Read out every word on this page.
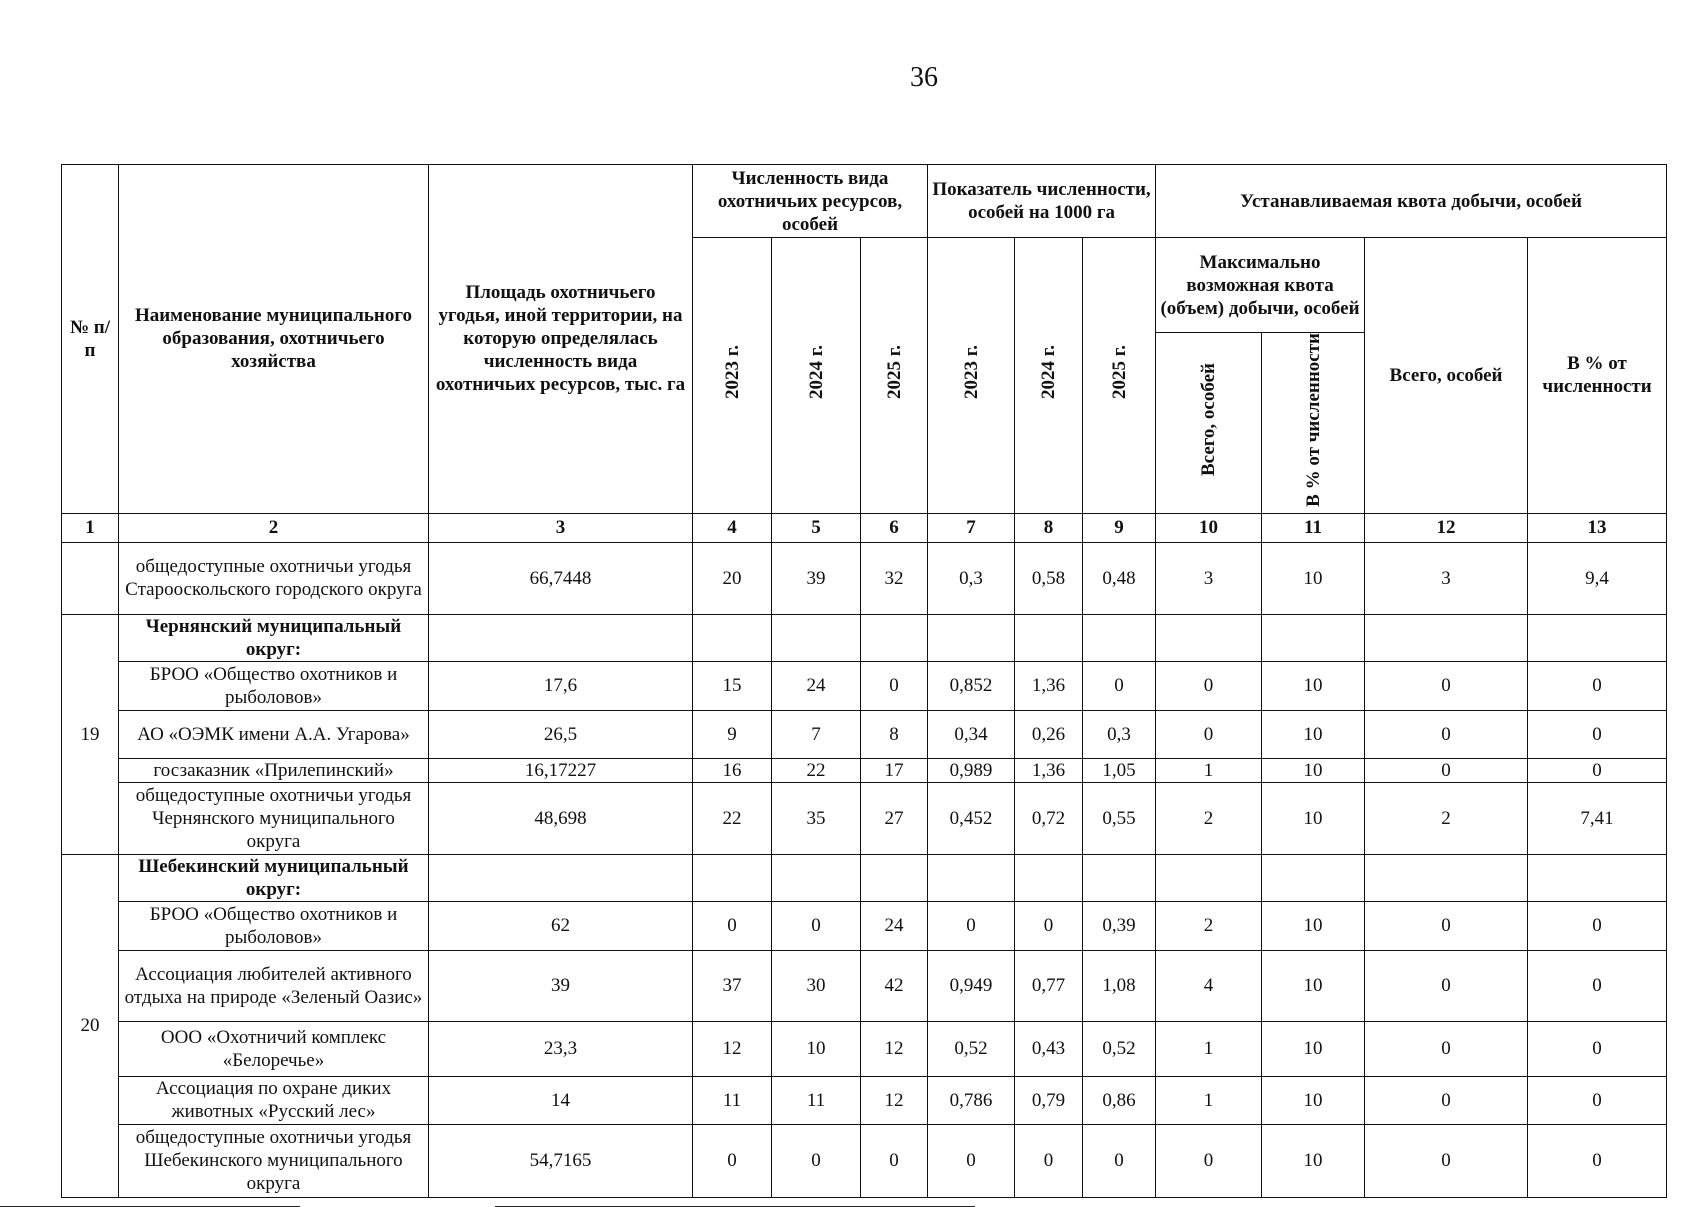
36
№ п/п	Наименование муниципального образования, охотничьего хозяйства	Площадь охотничьего угодья, иной территории, на которую определялась численность вида охотничьих ресурсов, тыс. га	Численность вида охотничьих ресурсов, особей			Показатель численности, особей на 1000 га			Устанавливаемая квота добычи, особей			
			2023 г.	2024 г.	2025 г.	2023 г.	2024 г.	2025 г.	Максимально возможная квота (объем) добычи, особей		Всего, особей	В % от численности
									Всего, особей	В % от численности		
1	2	3	4	5	6	7	8	9	10	11	12	13
	общедоступные охотничьи угодья Старооскольского городского округа	66,7448	20	39	32	0,3	0,58	0,48	3	10	3	9,4
19	Чернянский муниципальный округ:											
	БРОО «Общество охотников и рыболовов»	17,6	15	24	0	0,852	1,36	0	0	10	0	0
	АО «ОЭМК имени А.А. Угарова»	26,5	9	7	8	0,34	0,26	0,3	0	10	0	0
	госзаказник «Прилепинский»	16,17227	16	22	17	0,989	1,36	1,05	1	10	0	0
	общедоступные охотничьи угодья Чернянского муниципального округа	48,698	22	35	27	0,452	0,72	0,55	2	10	2	7,41
20	Шебекинский муниципальный округ:											
	БРОО «Общество охотников и рыболовов»	62	0	0	24	0	0	0,39	2	10	0	0
	Ассоциация любителей активного отдыха на природе «Зеленый Оазис»	39	37	30	42	0,949	0,77	1,08	4	10	0	0
	ООО «Охотничий комплекс «Белоречье»	23,3	12	10	12	0,52	0,43	0,52	1	10	0	0
	Ассоциация по охране диких животных «Русский лес»	14	11	11	12	0,786	0,79	0,86	1	10	0	0
	общедоступные охотничьи угодья Шебекинского муниципального округа	54,7165	0	0	0	0	0	0	0	10	0	0
